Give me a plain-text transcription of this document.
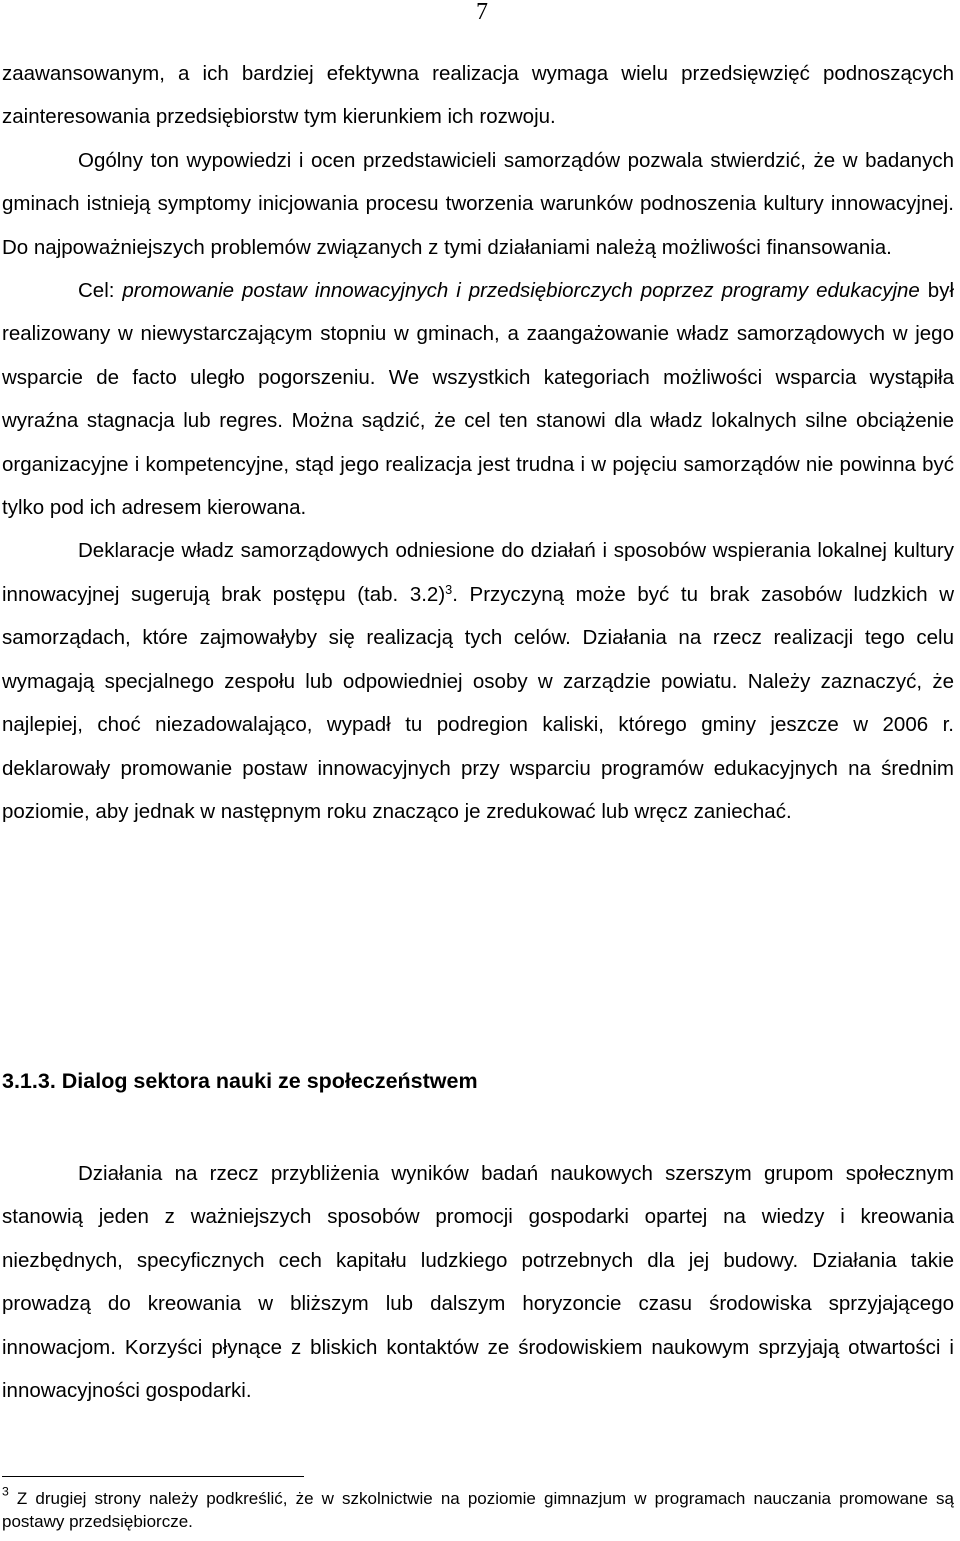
7

zaawansowanym, a ich bardziej efektywna realizacja wymaga wielu przedsięwzięć podnoszących zainteresowania przedsiębiorstw tym kierunkiem ich rozwoju.

Ogólny ton wypowiedzi i ocen przedstawicieli samorządów pozwala stwierdzić, że w badanych gminach istnieją symptomy inicjowania procesu tworzenia warunków podnoszenia kultury innowacyjnej. Do najpoważniejszych problemów związanych z tymi działaniami należą możliwości finansowania.

Cel: promowanie postaw innowacyjnych i przedsiębiorczych poprzez programy edukacyjne był realizowany w niewystarczającym stopniu w gminach, a zaangażowanie władz samorządowych w jego wsparcie de facto uległo pogorszeniu. We wszystkich kategoriach możliwości wsparcia wystąpiła wyraźna stagnacja lub regres. Można sądzić, że cel ten stanowi dla władz lokalnych silne obciążenie organizacyjne i kompetencyjne, stąd jego realizacja jest trudna i w pojęciu samorządów nie powinna być tylko pod ich adresem kierowana.

Deklaracje władz samorządowych odniesione do działań i sposobów wspierania lokalnej kultury innowacyjnej sugerują brak postępu (tab. 3.2)$^3$. Przyczyną może być tu brak zasobów ludzkich w samorządach, które zajmowałyby się realizacją tych celów. Działania na rzecz realizacji tego celu wymagają specjalnego zespołu lub odpowiedniej osoby w zarządzie powiatu. Należy zaznaczyć, że najlepiej, choć niezadowalająco, wypadł tu podregion kaliski, którego gminy jeszcze w 2006 r. deklarowały promowanie postaw innowacyjnych przy wsparciu programów edukacyjnych na średnim poziomie, aby jednak w następnym roku znacząco je zredukować lub wręcz zaniechać.

3.1.3. Dialog sektora nauki ze społeczeństwem

Działania na rzecz przybliżenia wyników badań naukowych szerszym grupom społecznym stanowią jeden z ważniejszych sposobów promocji gospodarki opartej na wiedzy i kreowania niezbędnych, specyficznych cech kapitału ludzkiego potrzebnych dla jej budowy. Działania takie prowadzą do kreowania w bliższym lub dalszym horyzoncie czasu środowiska sprzyjającego innowacjom. Korzyści płynące z bliskich kontaktów ze środowiskiem naukowym sprzyjają otwartości i innowacyjności gospodarki.

$^3$ Z drugiej strony należy podkreślić, że w szkolnictwie na poziomie gimnazjum w programach nauczania promowane są postawy przedsiębiorcze.
